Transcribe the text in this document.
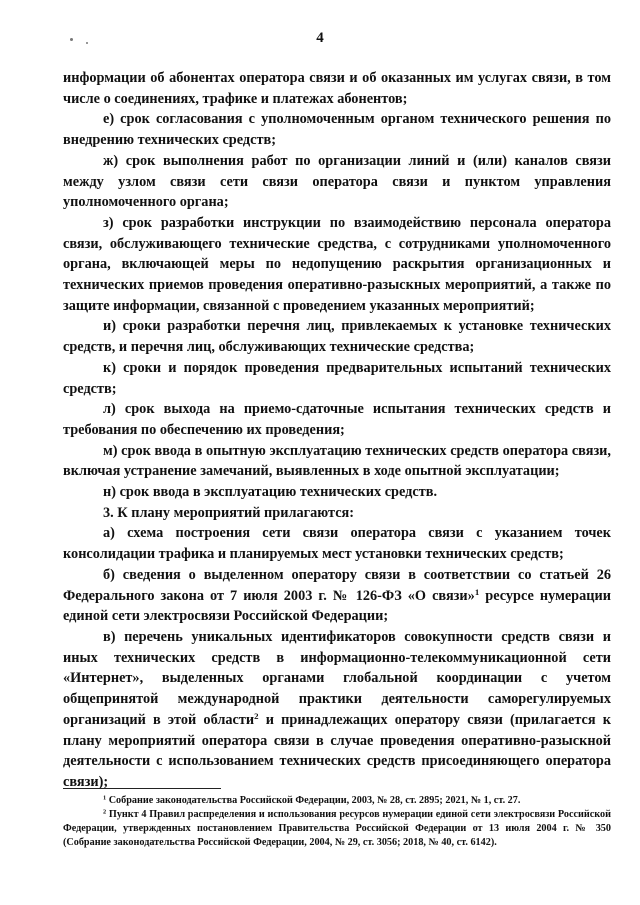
4

информации об абонентах оператора связи и об оказанных им услугах связи, в том числе о соединениях, трафике и платежах абонентов;

е) срок согласования с уполномоченным органом технического решения по внедрению технических средств;

ж) срок выполнения работ по организации линий и (или) каналов связи между узлом связи сети связи оператора связи и пунктом управления уполномоченного органа;

з) срок разработки инструкции по взаимодействию персонала оператора связи, обслуживающего технические средства, с сотрудниками уполномоченного органа, включающей меры по недопущению раскрытия организационных и технических приемов проведения оперативно-разыскных мероприятий, а также по защите информации, связанной с проведением указанных мероприятий;

и) сроки разработки перечня лиц, привлекаемых к установке технических средств, и перечня лиц, обслуживающих технические средства;

к) сроки и порядок проведения предварительных испытаний технических средств;

л) срок выхода на приемо-сдаточные испытания технических средств и требования по обеспечению их проведения;

м) срок ввода в опытную эксплуатацию технических средств оператора связи, включая устранение замечаний, выявленных в ходе опытной эксплуатации;

н) срок ввода в эксплуатацию технических средств.

3. К плану мероприятий прилагаются:

а) схема построения сети связи оператора связи с указанием точек консолидации трафика и планируемых мест установки технических средств;

б) сведения о выделенном оператору связи в соответствии со статьей 26 Федерального закона от 7 июля 2003 г. № 126-ФЗ «О связи»$^1$ ресурсе нумерации единой сети электросвязи Российской Федерации;

в) перечень уникальных идентификаторов совокупности средств связи и иных технических средств в информационно-телекоммуникационной сети «Интернет», выделенных органами глобальной координации с учетом общепринятой международной практики деятельности саморегулируемых организаций в этой области$^2$ и принадлежащих оператору связи (прилагается к плану мероприятий оператора связи в случае проведения оперативно-разыскной деятельности с использованием технических средств присоединяющего оператора связи);

$^1$ Собрание законодательства Российской Федерации, 2003, № 28, ст. 2895; 2021, № 1, ст. 27.

$^2$ Пункт 4 Правил распределения и использования ресурсов нумерации единой сети электросвязи Российской Федерации, утвержденных постановлением Правительства Российской Федерации от 13 июля 2004 г. № 350 (Собрание законодательства Российской Федерации, 2004, № 29, ст. 3056; 2018, № 40, ст. 6142).
